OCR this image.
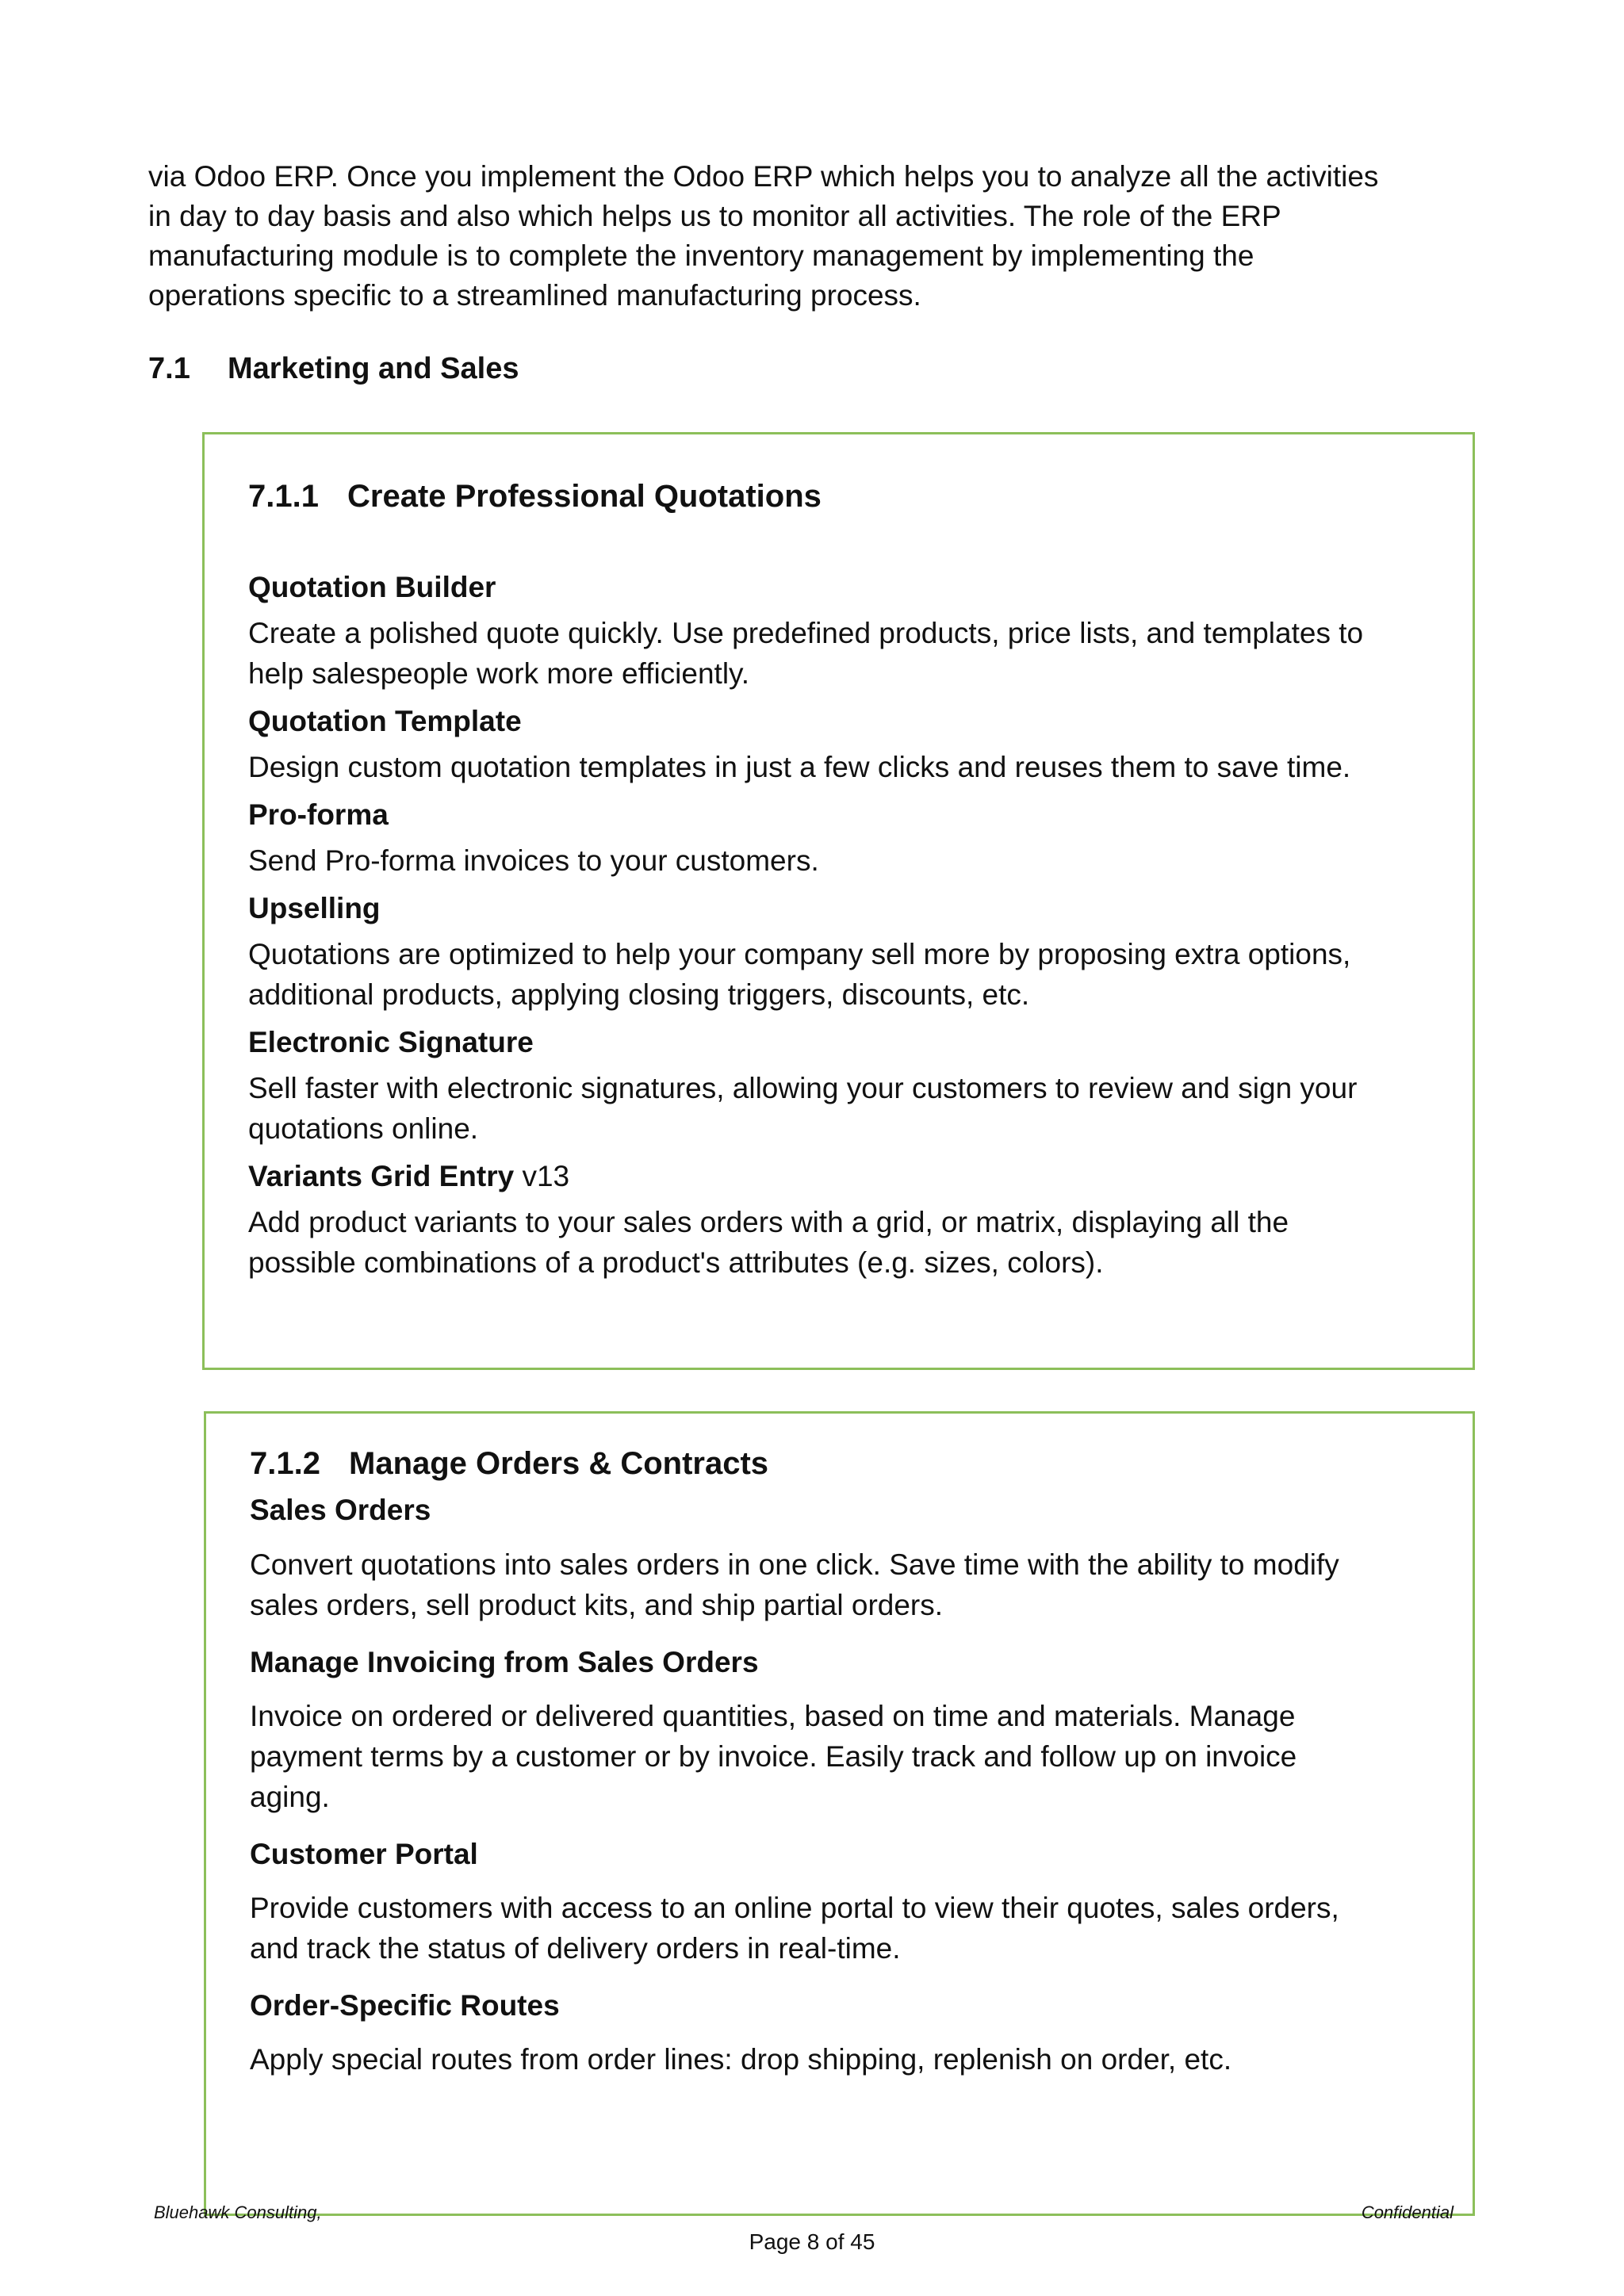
via Odoo ERP. Once you implement the Odoo ERP which helps you to analyze all the activities
in day to day basis and also which helps us to monitor all activities. The role of the ERP
manufacturing module is to complete the inventory management by implementing the
operations specific to a streamlined manufacturing process.
7.1	Marketing and Sales
7.1.1 Create Professional Quotations
Quotation Builder
Create a polished quote quickly. Use predefined products, price lists, and templates to
help salespeople work more efficiently.
Quotation Template
Design custom quotation templates in just a few clicks and reuses them to save time.
Pro-forma
Send Pro-forma invoices to your customers.
Upselling
Quotations are optimized to help your company sell more by proposing extra options,
additional products, applying closing triggers, discounts, etc.
Electronic Signature
Sell faster with electronic signatures, allowing your customers to review and sign your
quotations online.
Variants Grid Entry v13
Add product variants to your sales orders with a grid, or matrix, displaying all the
possible combinations of a product's attributes (e.g. sizes, colors).
7.1.2 Manage Orders & Contracts
Sales Orders
Convert quotations into sales orders in one click. Save time with the ability to modify
sales orders, sell product kits, and ship partial orders.
Manage Invoicing from Sales Orders
Invoice on ordered or delivered quantities, based on time and materials. Manage
payment terms by a customer or by invoice. Easily track and follow up on invoice
aging.
Customer Portal
Provide customers with access to an online portal to view their quotes, sales orders,
and track the status of delivery orders in real-time.
Order-Specific Routes
Apply special routes from order lines: drop shipping, replenish on order, etc.
Bluehawk Consulting,	Confidential
Page 8 of 45
